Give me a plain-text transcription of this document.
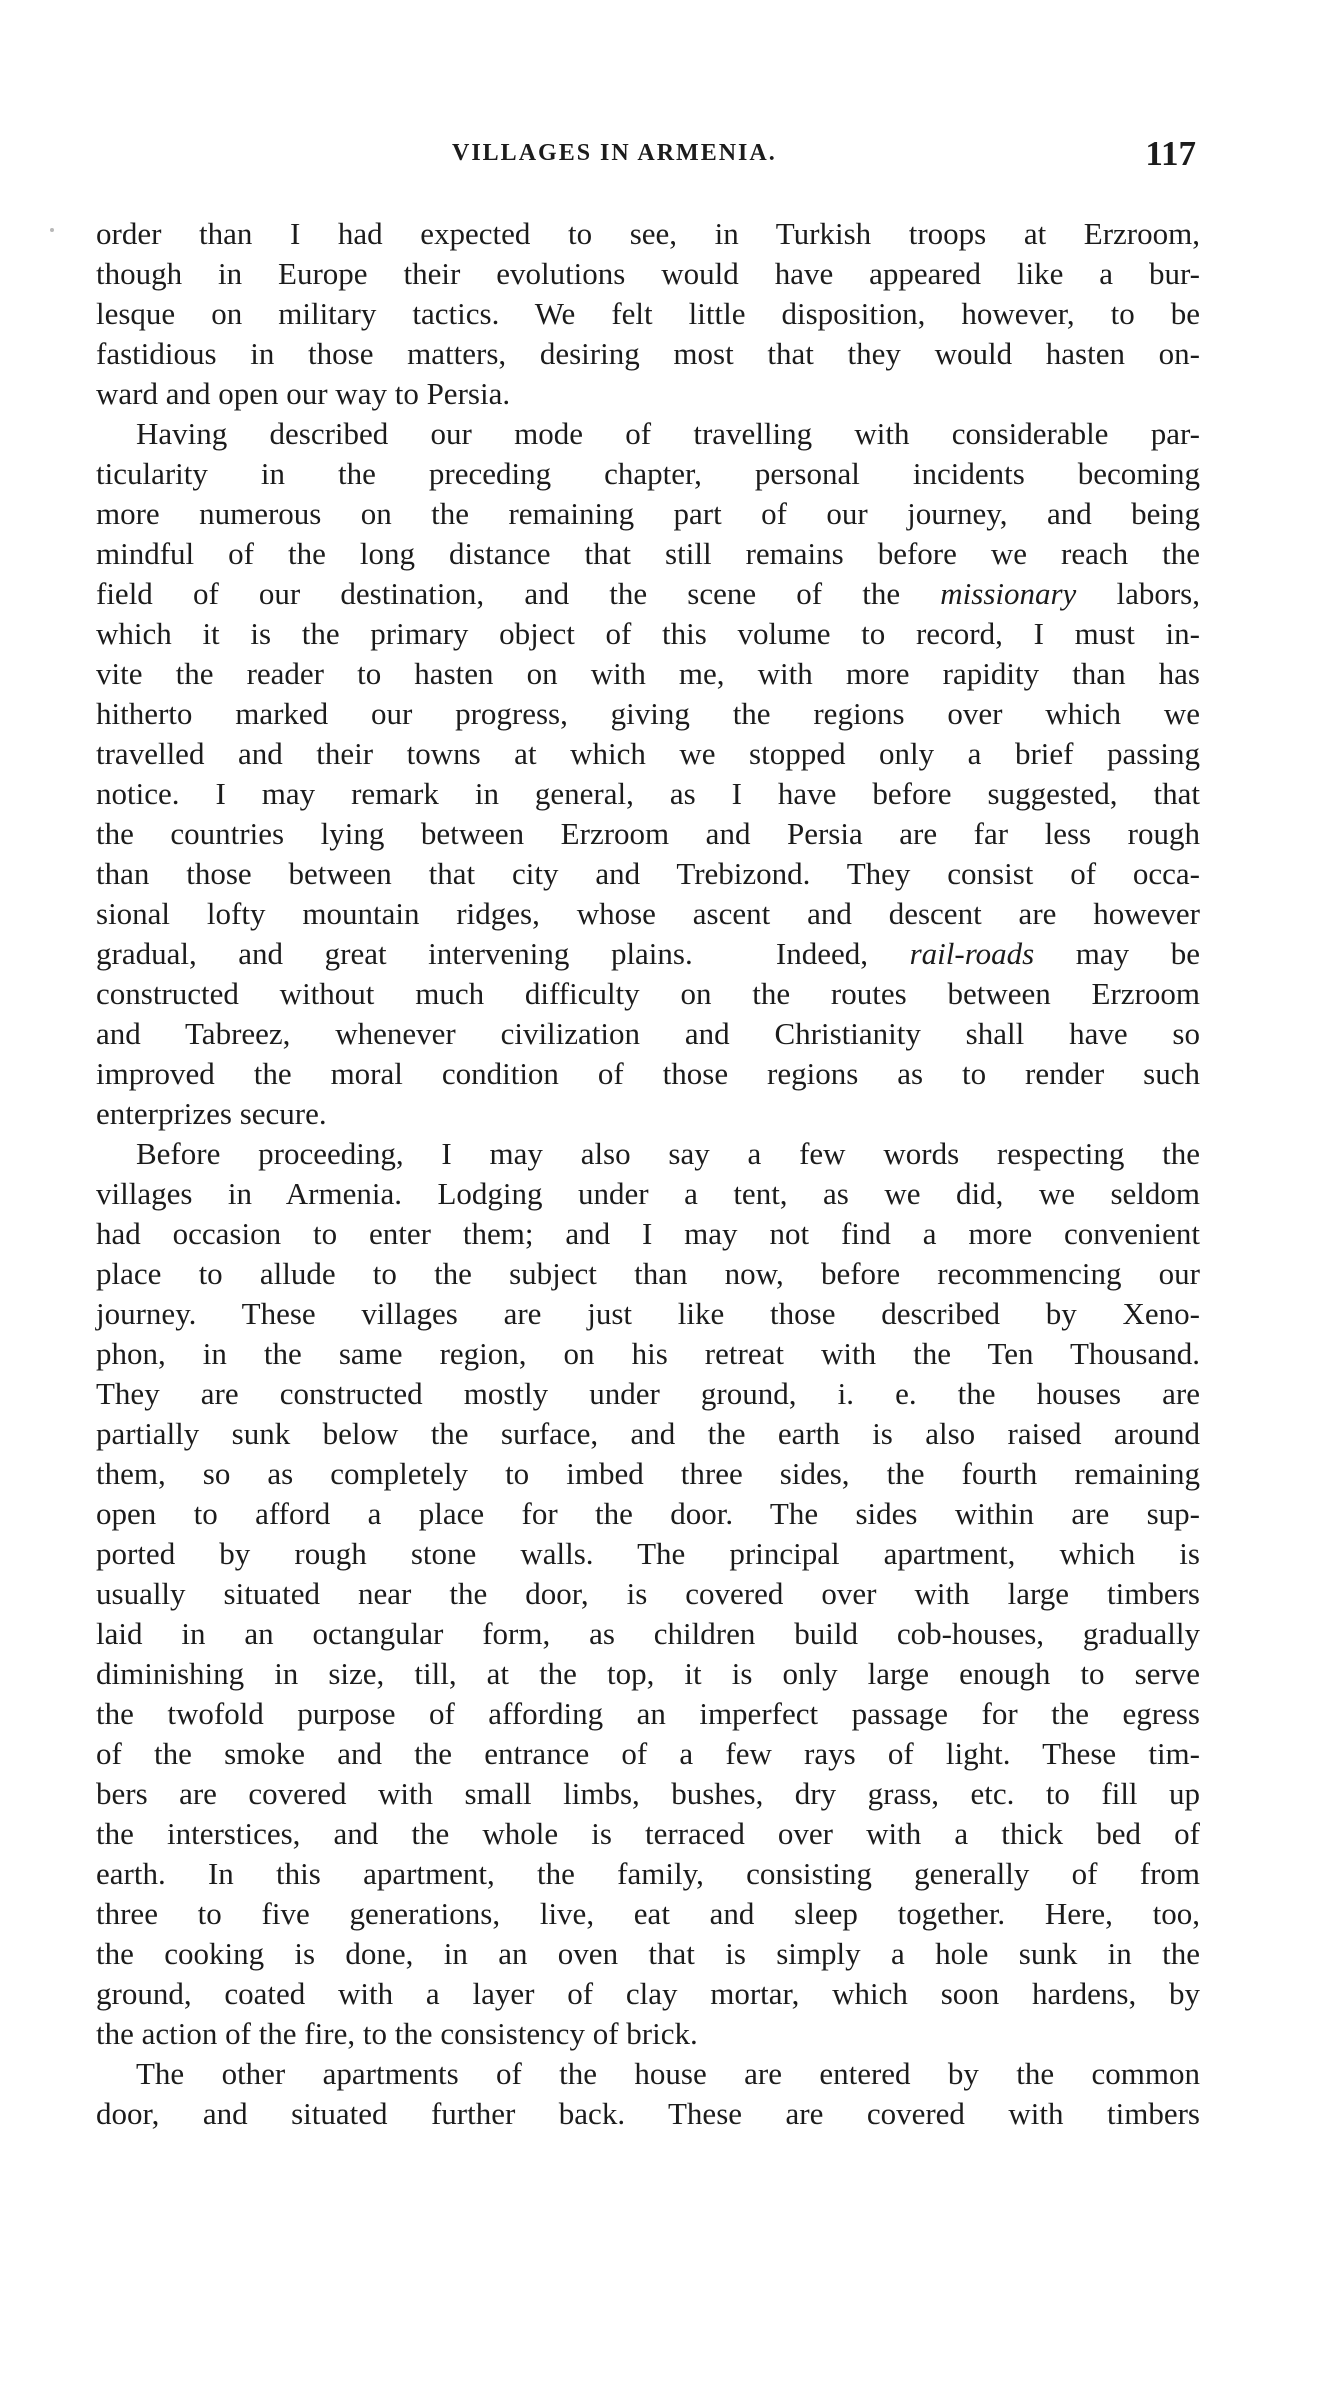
VILLAGES IN ARMENIA.	117
order than I had expected to see, in Turkish troops at Erzroom,
though in Europe their evolutions would have appeared like a bur-
lesque on military tactics. We felt little disposition, however, to be
fastidious in those matters, desiring most that they would hasten on-
ward and open our way to Persia.
Having described our mode of travelling with considerable par-
ticularity in the preceding chapter, personal incidents becoming
more numerous on the remaining part of our journey, and being
mindful of the long distance that still remains before we reach the
field of our destination, and the scene of the missionary labors,
which it is the primary object of this volume to record, I must in-
vite the reader to hasten on with me, with more rapidity than has
hitherto marked our progress, giving the regions over which we
travelled and their towns at which we stopped only a brief passing
notice. I may remark in general, as I have before suggested, that
the countries lying between Erzroom and Persia are far less rough
than those between that city and Trebizond. They consist of occa-
sional lofty mountain ridges, whose ascent and descent are however
gradual, and great intervening plains.  Indeed, rail-roads may be
constructed without much difficulty on the routes between Erzroom
and Tabreez, whenever civilization and Christianity shall have so
improved the moral condition of those regions as to render such
enterprizes secure.
Before proceeding, I may also say a few words respecting the
villages in Armenia. Lodging under a tent, as we did, we seldom
had occasion to enter them; and I may not find a more convenient
place to allude to the subject than now, before recommencing our
journey. These villages are just like those described by Xeno-
phon, in the same region, on his retreat with the Ten Thousand.
They are constructed mostly under ground, i. e. the houses are
partially sunk below the surface, and the earth is also raised around
them, so as completely to imbed three sides, the fourth remaining
open to afford a place for the door. The sides within are sup-
ported by rough stone walls. The principal apartment, which is
usually situated near the door, is covered over with large timbers
laid in an octangular form, as children build cob-houses, gradually
diminishing in size, till, at the top, it is only large enough to serve
the twofold purpose of affording an imperfect passage for the egress
of the smoke and the entrance of a few rays of light. These tim-
bers are covered with small limbs, bushes, dry grass, etc. to fill up
the interstices, and the whole is terraced over with a thick bed of
earth. In this apartment, the family, consisting generally of from
three to five generations, live, eat and sleep together. Here, too,
the cooking is done, in an oven that is simply a hole sunk in the
ground, coated with a layer of clay mortar, which soon hardens, by
the action of the fire, to the consistency of brick.
The other apartments of the house are entered by the common
door, and situated further back. These are covered with timbers
